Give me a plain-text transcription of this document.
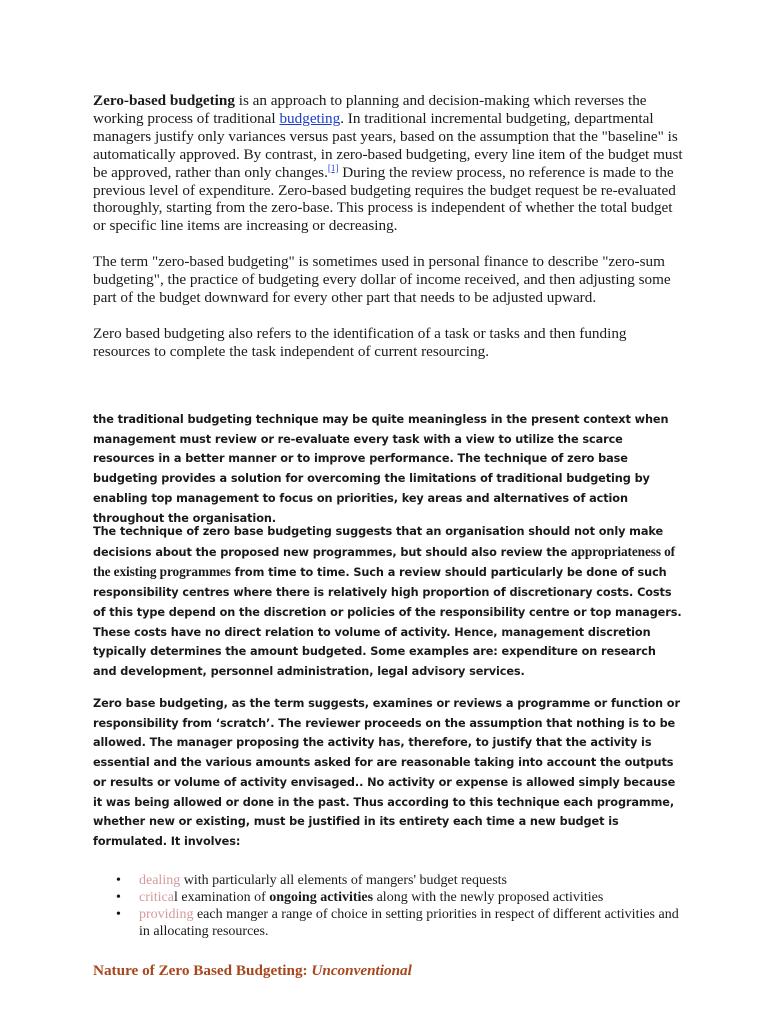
Zero-based budgeting is an approach to planning and decision-making which reverses the working process of traditional budgeting. In traditional incremental budgeting, departmental managers justify only variances versus past years, based on the assumption that the "baseline" is automatically approved. By contrast, in zero-based budgeting, every line item of the budget must be approved, rather than only changes.[1] During the review process, no reference is made to the previous level of expenditure. Zero-based budgeting requires the budget request be re-evaluated thoroughly, starting from the zero-base. This process is independent of whether the total budget or specific line items are increasing or decreasing.

The term "zero-based budgeting" is sometimes used in personal finance to describe "zero-sum budgeting", the practice of budgeting every dollar of income received, and then adjusting some part of the budget downward for every other part that needs to be adjusted upward.

Zero based budgeting also refers to the identification of a task or tasks and then funding resources to complete the task independent of current resourcing.

the traditional budgeting technique may be quite meaningless in the present context when management must review or re-evaluate every task with a view to utilize the scarce resources in a better manner or to improve performance. The technique of zero base budgeting provides a solution for overcoming the limitations of traditional budgeting by enabling top management to focus on priorities, key areas and alternatives of action throughout the organisation.

The technique of zero base budgeting suggests that an organisation should not only make decisions about the proposed new programmes, but should also review the appropriateness of the existing programmes from time to time. Such a review should particularly be done of such responsibility centres where there is relatively high proportion of discretionary costs. Costs of this type depend on the discretion or policies of the responsibility centre or top managers. These costs have no direct relation to volume of activity. Hence, management discretion typically determines the amount budgeted. Some examples are: expenditure on research and development, personnel administration, legal advisory services.

Zero base budgeting, as the term suggests, examines or reviews a programme or function or responsibility from ‘scratch’. The reviewer proceeds on the assumption that nothing is to be allowed. The manager proposing the activity has, therefore, to justify that the activity is essential and the various amounts asked for are reasonable taking into account the outputs or results or volume of activity envisaged.. No activity or expense is allowed simply because it was being allowed or done in the past. Thus according to this technique each programme, whether new or existing, must be justified in its entirety each time a new budget is formulated. It involves:

• dealing with particularly all elements of mangers' budget requests
• critical examination of ongoing activities along with the newly proposed activities
• providing each manger a range of choice in setting priorities in respect of different activities and in allocating resources.
Nature of Zero Based Budgeting: Unconventional
